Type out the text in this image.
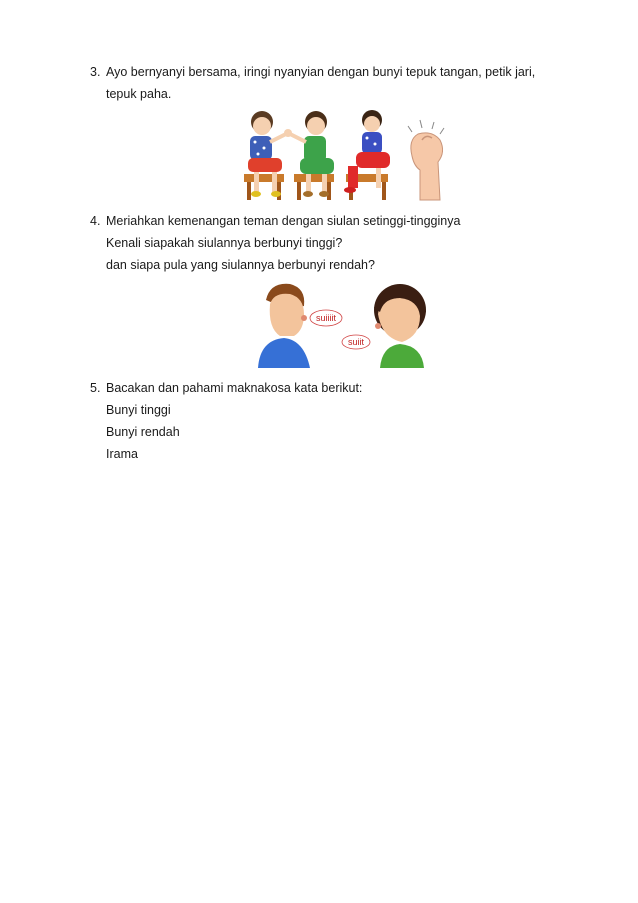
3. Ayo bernyanyi bersama, iringi nyanyian dengan bunyi tepuk tangan, petik jari,
tepuk paha.
4. Meriahkan kemenangan teman dengan siulan setinggi-tingginya
Kenali siapakah siulannya berbunyi tinggi?
dan siapa pula yang siulannya berbunyi rendah?
suiiiit
suiit
5. Bacakan dan pahami maknakosa kata berikut:
Bunyi tinggi
Bunyi rendah
Irama
